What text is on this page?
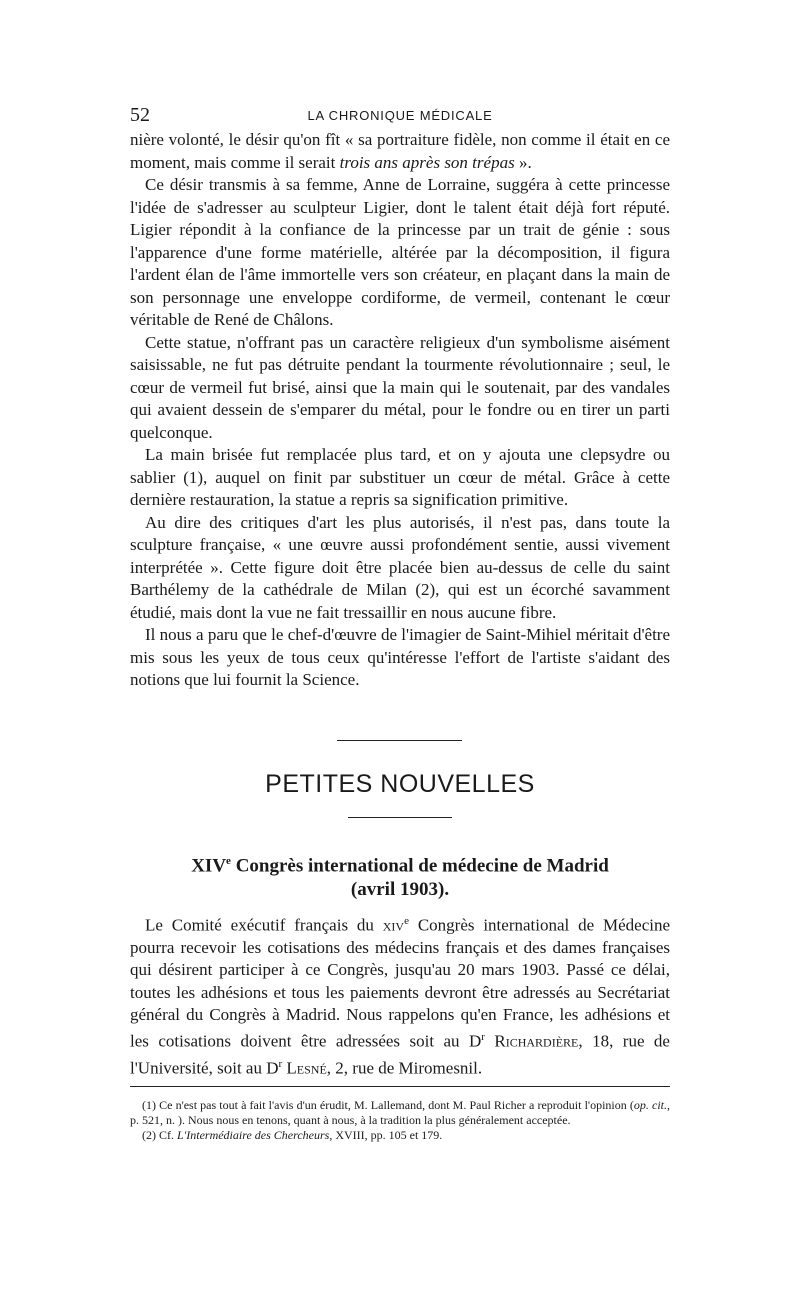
52	LA CHRONIQUE MÉDICALE

nière volonté, le désir qu'on fît « sa portraiture fidèle, non comme il était en ce moment, mais comme il serait trois ans après son trépas ».

Ce désir transmis à sa femme, Anne de Lorraine, suggéra à cette princesse l'idée de s'adresser au sculpteur Ligier, dont le talent était déjà fort réputé. Ligier répondit à la confiance de la princesse par un trait de génie : sous l'apparence d'une forme matérielle, altérée par la décomposition, il figura l'ardent élan de l'âme immortelle vers son créateur, en plaçant dans la main de son personnage une enveloppe cordiforme, de vermeil, contenant le cœur véritable de René de Châlons.

Cette statue, n'offrant pas un caractère religieux d'un symbolisme aisément saisissable, ne fut pas détruite pendant la tourmente révolutionnaire ; seul, le cœur de vermeil fut brisé, ainsi que la main qui le soutenait, par des vandales qui avaient dessein de s'emparer du métal, pour le fondre ou en tirer un parti quelconque.

La main brisée fut remplacée plus tard, et on y ajouta une clepsydre ou sablier (1), auquel on finit par substituer un cœur de métal. Grâce à cette dernière restauration, la statue a repris sa signification primitive.

Au dire des critiques d'art les plus autorisés, il n'est pas, dans toute la sculpture française, « une œuvre aussi profondément sentie, aussi vivement interprétée ». Cette figure doit être placée bien au-dessus de celle du saint Barthélemy de la cathédrale de Milan (2), qui est un écorché savamment étudié, mais dont la vue ne fait tressaillir en nous aucune fibre.

Il nous a paru que le chef-d'œuvre de l'imagier de Saint-Mihiel méritait d'être mis sous les yeux de tous ceux qu'intéresse l'effort de l'artiste s'aidant des notions que lui fournit la Science.

PETITES NOUVELLES
XIVe Congrès international de médecine de Madrid
(avril 1903).

Le Comité exécutif français du xiv$^e$ Congrès international de Médecine pourra recevoir les cotisations des médecins français et des dames françaises qui désirent participer à ce Congrès, jusqu'au 20 mars 1903. Passé ce délai, toutes les adhésions et tous les paiements devront être adressés au Secrétariat général du Congrès à Madrid. Nous rappelons qu'en France, les adhésions et les cotisations doivent être adressées soit au $D^r$ Richardière, 18, rue de l'Université, soit au $D^r$ Lesné, 2, rue de Miromesnil.

(1) Ce n'est pas tout à fait l'avis d'un érudit, M. Lallemand, dont M. Paul Richer a reproduit l'opinion (op. cit., p. 521, n. ). Nous nous en tenons, quant à nous, à la tradition la plus généralement acceptée.

(2) Cf. L'Intermédiaire des Chercheurs, XVIII, pp. 105 et 179.
